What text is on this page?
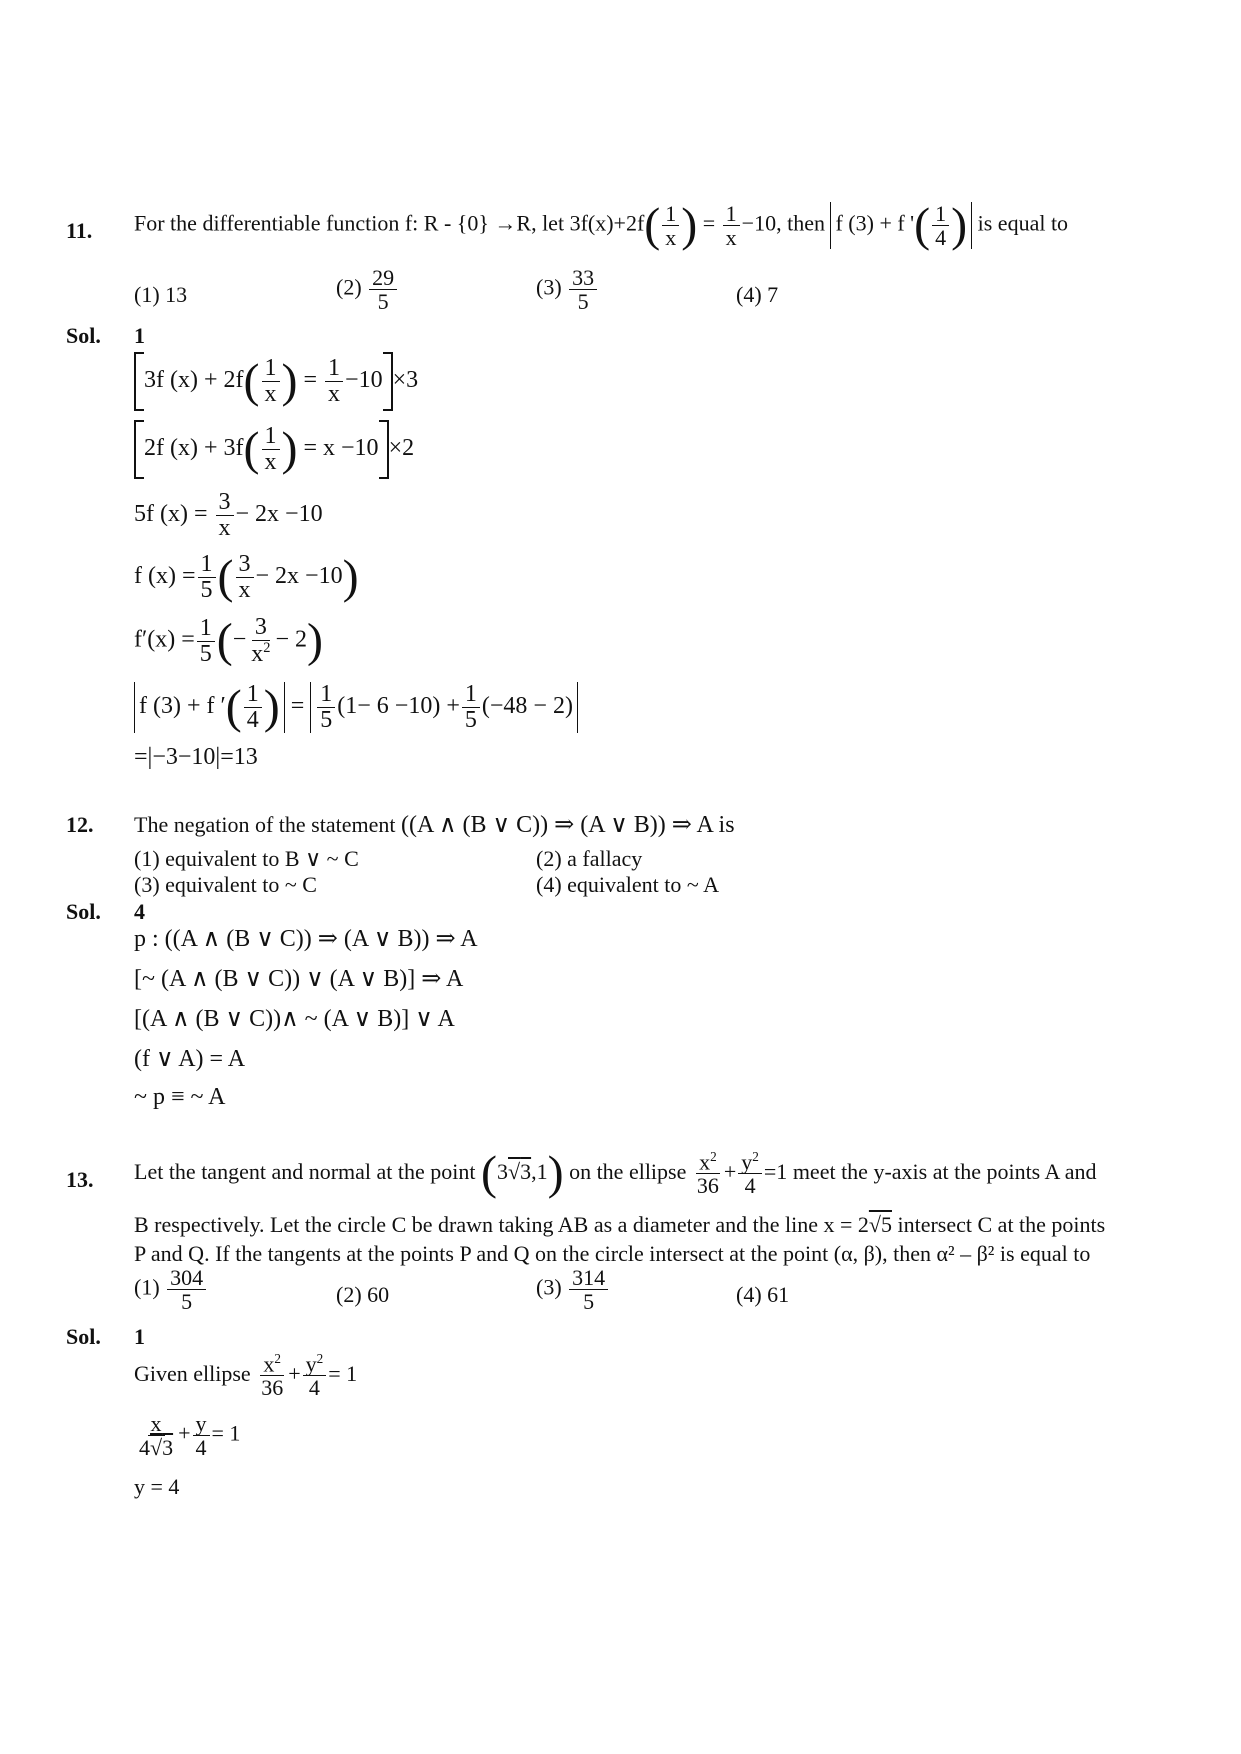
11. For the differentiable function f: R - {0} →R, let $3f(x)+2f( \frac{1}{x}$ ) = $\frac{1}{x} -10$, then f (3) + f '( $\frac{1}{4}$ ) is equal to
(1) 13	$(2) \frac{29}{5}$	$(3) \frac{33}{5}$	(4) 7
Sol. 1
3f $(x) + 2f( \frac{1}{x}$ ) = $\frac{1}{x} -10 \times 3$
2f $(x) + 3f( \frac{1}{x}$ ) = x −10 ×2
5f $(x) = \frac{3}{x} - 2x -10$
f $(x) = \frac{1}{5}$ ( $\frac{3}{x} - 2x -10$)
$f'(x) = \frac{1}{5}$ (− $\frac{3}{x^2} - 2$)
f (3) + f ′( $\frac{1}{4}$ ) = $\frac{1}{5} (1- 6 -10) + \frac{1}{5} (-48 - 2)$
=|−3−10|=13
12. The negation of the statement ((A ∧ (B ∨ C)) ⇒ (A ∨ B)) ⇒ A is
(1) equivalent to B ∨ ~ C	(2) a fallacy
(3) equivalent to ~ C	(4) equivalent to ~ A
Sol. 4
p : ((A ∧ (B ∨ C)) ⇒ (A ∨ B)) ⇒ A
[~ (A ∧ (B ∨ C)) ∨ (A ∨ B)] ⇒ A
[(A ∧ (B ∨ C))∧ ~ (A ∨ B)] ∨ A
(f ∨ A) = A
~ p ≡ ~ A
13. Let the tangent and normal at the point (3√3,1) on the ellipse $\frac{x^2}{36} + \frac{y^2}{4} =1$ meet the y-axis at the points A and
B respectively. Let the circle C be drawn taking AB as a diameter and the line x = 2√5 intersect C at the points
P and Q. If the tangents at the points P and Q on the circle intersect at the point (α, β), then α² – β² is equal to
$(1) \frac{304}{5}$	(2) 60	$(3) \frac{314}{5}$	(4) 61
Sol. 1
Given ellipse $\frac{x^2}{36} + \frac{y^2}{4} = 1$
$\frac{x}{4√3} + \frac{y}{4} = 1$
y = 4
